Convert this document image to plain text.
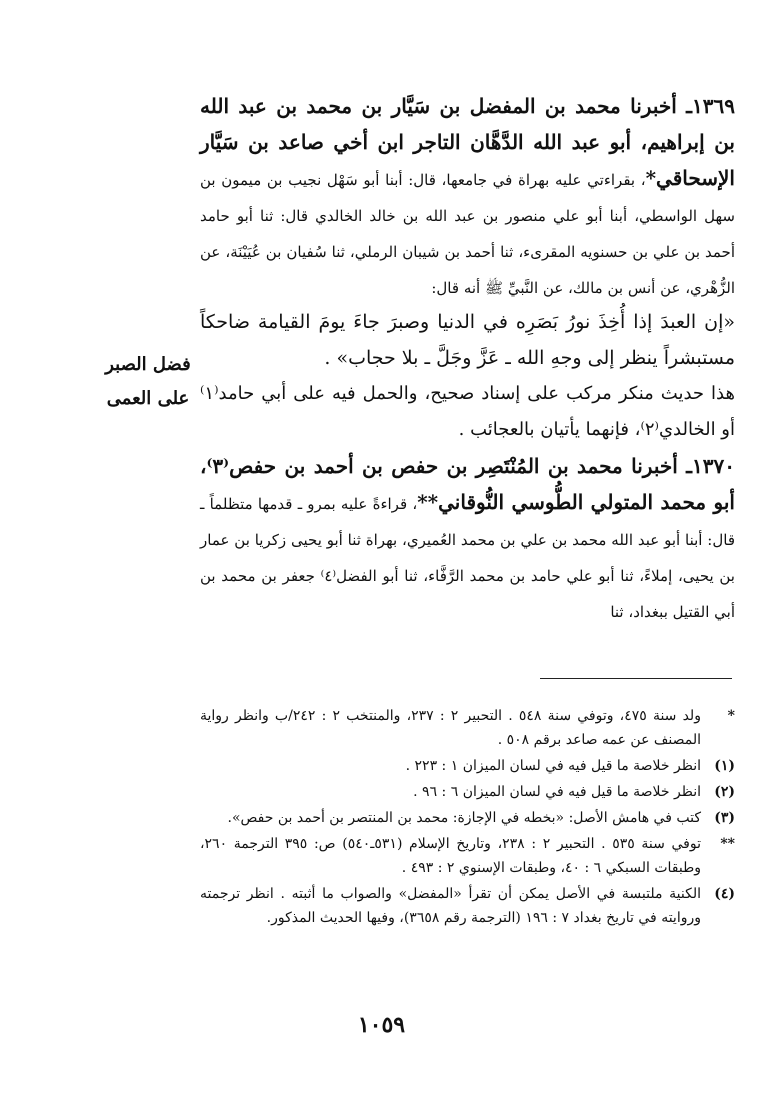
١٣٦٩ـ أخبرنا محمد بن المفضل بن سَيَّار بن محمد بن عبد الله بن إبراهيم، أبو عبد الله الدَّهَّان التاجر ابن أخي صاعد بن سَيَّار الإسحاقي*، بقراءتي عليه بهراة في جامعها، قال: أبنا أبو سَهْل نجيب بن ميمون بن سهل الواسطي، أبنا أبو علي منصور بن عبد الله بن خالد الخالدي قال: ثنا أبو حامد أحمد بن علي بن حسنويه المقرىء، ثنا أحمد بن شيبان الرملي، ثنا سُفيان بن عُيَيْنَة، عن الزُّهْري، عن أنس بن مالك، عن النَّبيِّ ﷺ أنه قال:

«إن العبدَ إذا أُخِذَ نورُ بَصَرِه في الدنيا وصبرَ جاءَ يومَ القيامة ضاحكاً مستبشراً ينظر إلى وجهِ الله ـ عَزَّ وجَلَّ ـ بلا حجاب» .

هذا حديث منكر مركب على إسناد صحيح، والحمل فيه على أبي حامد⁽١⁾ أو الخالدي⁽٢⁾، فإنهما يأتيان بالعجائب .

١٣٧٠ـ أخبرنا محمد بن المُنْتَصِر بن حفص بن أحمد بن حفص⁽٣⁾، أبو محمد المتولي الطُّوسي النُّوقاني**، قراءةً عليه بمرو ـ قدمها متظلماً ـ قال: أبنا أبو عبد الله محمد بن علي بن محمد العُميري، بهراة ثنا أبو يحيى زكريا بن عمار بن يحيى، إملاءً، ثنا أبو علي حامد بن محمد الرَّفَّاء، ثنا أبو الفضل⁽٤⁾ جعفر بن محمد بن أبي القتيل ببغداد، ثنا

فضل الصبر
على العمى
*
ولد سنة ٤٧٥، وتوفي سنة ٥٤٨ . التحبير ٢ : ٢٣٧، والمنتخب ٢ : ٢٤٢/ب وانظر رواية المصنف عن عمه صاعد برقم ٥٠٨ .
(١)
انظر خلاصة ما قيل فيه في لسان الميزان ١ : ٢٢٣ .
(٢)
انظر خلاصة ما قيل فيه في لسان الميزان ٦ : ٩٦ .
(٣)
كتب في هامش الأصل: «بخطه في الإجازة: محمد بن المنتصر بن أحمد بن حفص».
**
توفي سنة ٥٣٥ . التحبير ٢ : ٢٣٨، وتاريخ الإسلام (٥٣١ـ٥٤٠) ص: ٣٩٥ الترجمة ٢٦٠، وطبقات السبكي ٦ : ٤٠، وطبقات الإسنوي ٢ : ٤٩٣ .
(٤)
الكنية ملتبسة في الأصل يمكن أن تقرأ «المفضل» والصواب ما أثبته . انظر ترجمته وروايته في تاريخ بغداد ٧ : ١٩٦ (الترجمة رقم ٣٦٥٨)، وفيها الحديث المذكور.
١٠٥٩
